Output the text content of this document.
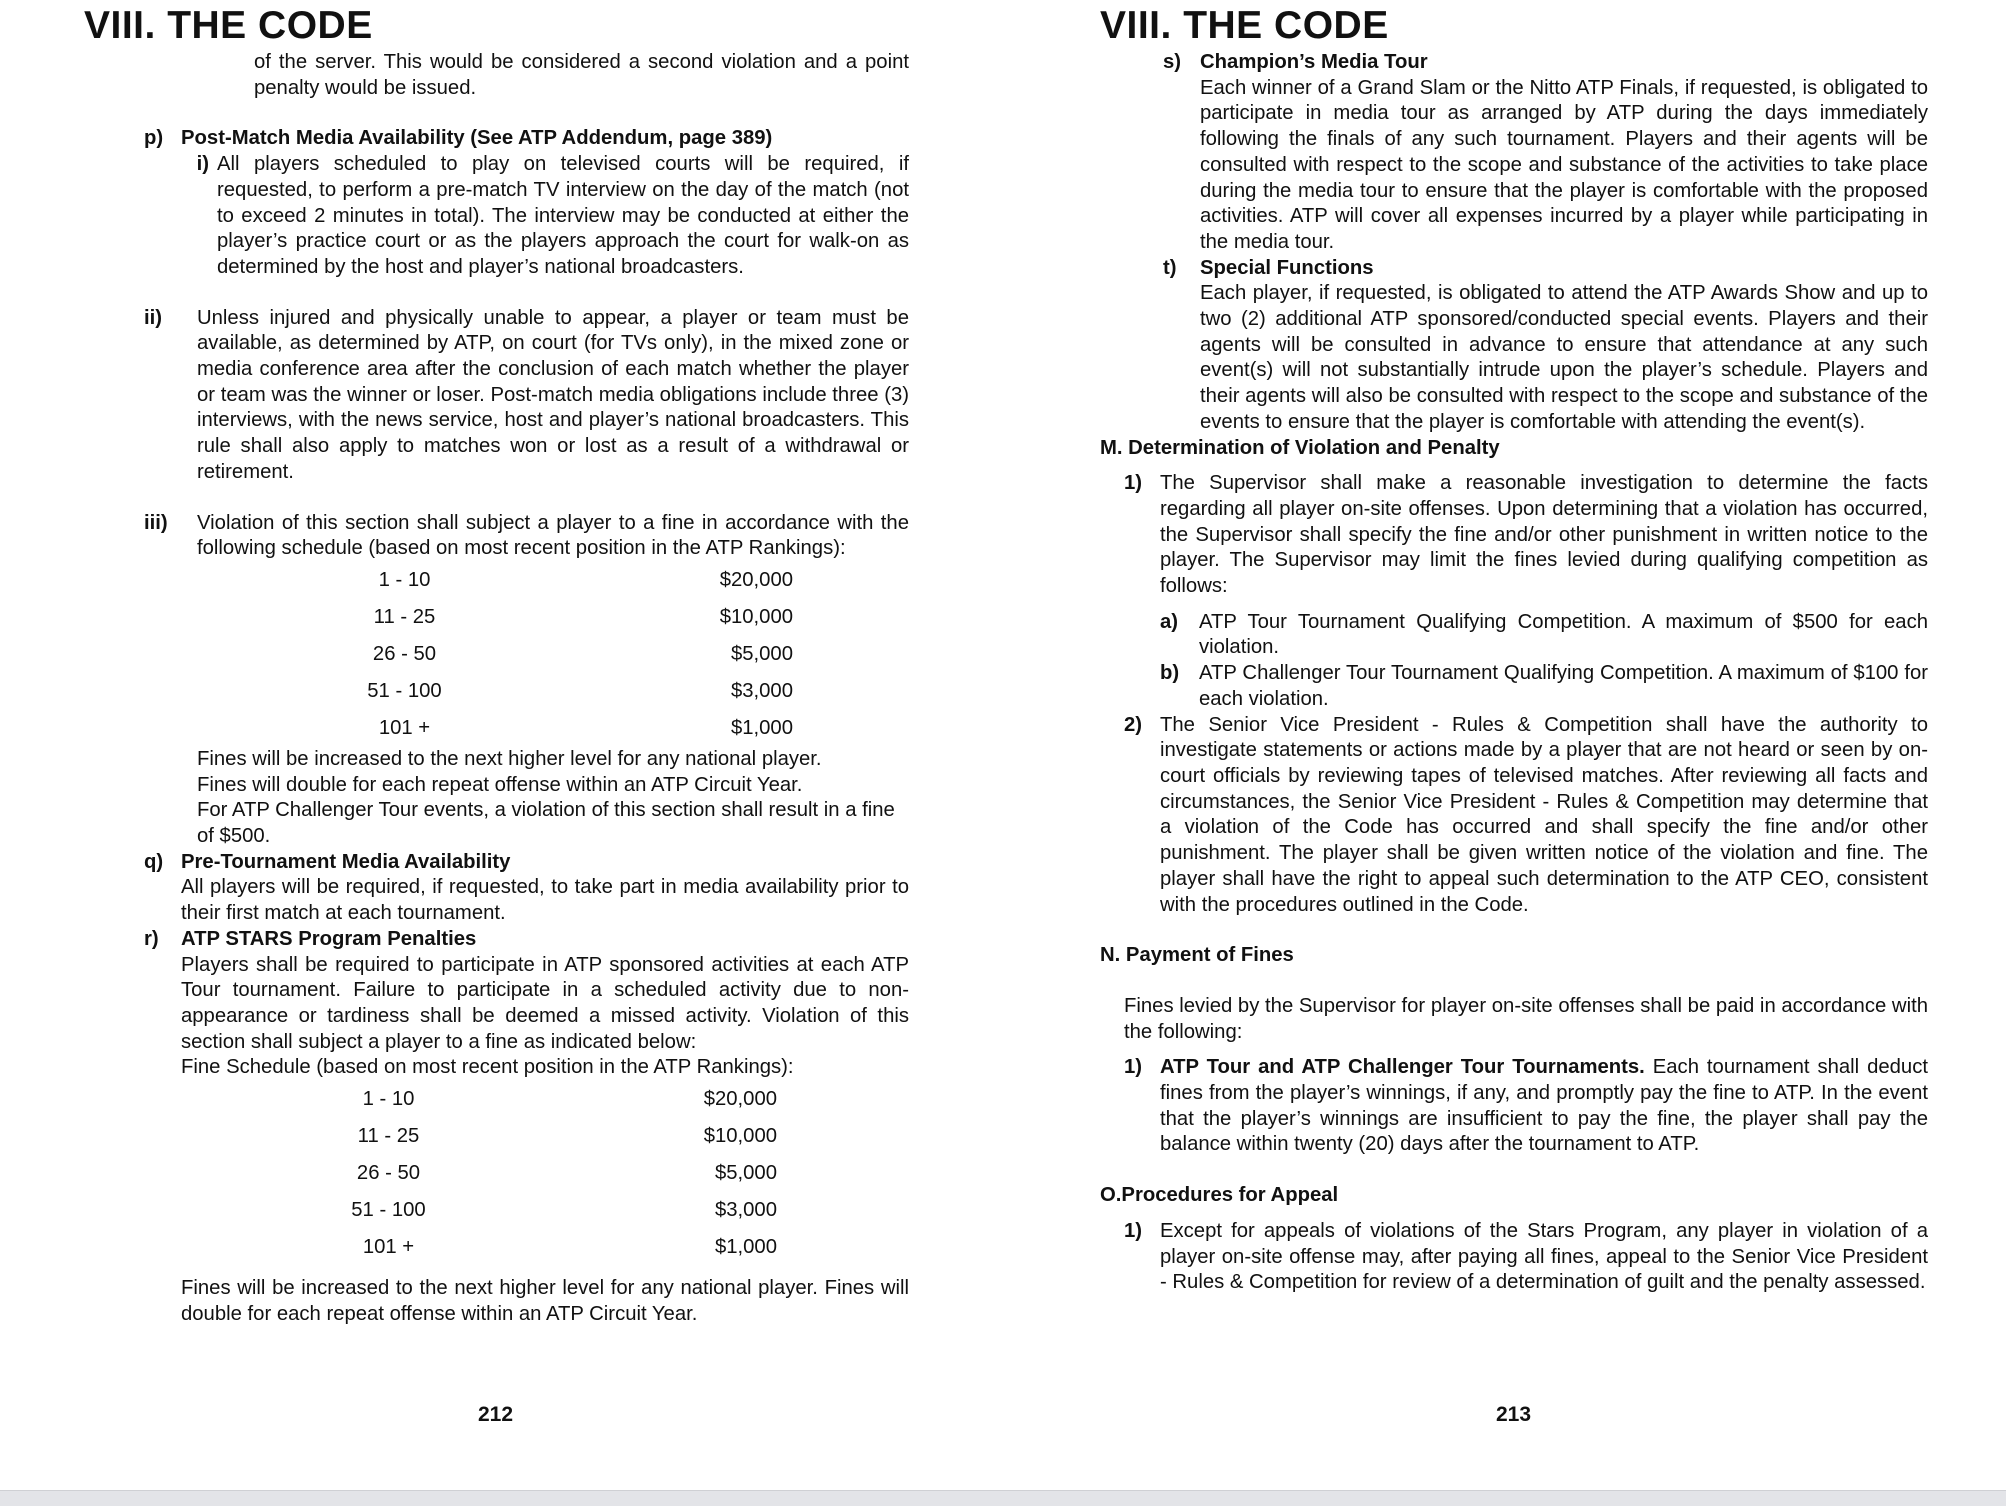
VIII. THE CODE

of the server. This would be considered a second violation and a point penalty would be issued.

p) Post-Match Media Availability (See ATP Addendum, page 389)

i) All players scheduled to play on televised courts will be required, if requested, to perform a pre-match TV interview on the day of the match (not to exceed 2 minutes in total). The interview may be conducted at either the player’s practice court or as the players approach the court for walk-on as determined by the host and player’s national broadcasters.

ii)	Unless injured and physically unable to appear, a player or team must be available, as determined by ATP, on court (for TVs only), in the mixed zone or media conference area after the conclusion of each match whether the player or team was the winner or loser. Post-match media obligations include three (3) interviews, with the news service, host and player’s national broadcasters. This rule shall also apply to matches won or lost as a result of a withdrawal or retirement.

iii)	Violation of this section shall subject a player to a fine in accordance with the following schedule (based on most recent position in the ATP Rankings):

1 - 10	$20,000
11 - 25	$10,000
26 - 50	$5,000
51 - 100	$3,000
101 +	$1,000

Fines will be increased to the next higher level for any national player.

Fines will double for each repeat offense within an ATP Circuit Year.

For ATP Challenger Tour events, a violation of this section shall result in a fine of $500.

q) Pre-Tournament Media Availability

All players will be required, if requested, to take part in media availability prior to their first match at each tournament.

r)	ATP STARS Program Penalties

Players shall be required to participate in ATP sponsored activities at each ATP Tour tournament. Failure to participate in a scheduled activity due to non-appearance or tardiness shall be deemed a missed activity. Violation of this section shall subject a player to a fine as indicated below:

Fine Schedule (based on most recent position in the ATP Rankings):

1 - 10	$20,000
11 - 25	$10,000
26 - 50	$5,000
51 - 100	$3,000
101 +	$1,000

Fines will be increased to the next higher level for any national player. Fines will double for each repeat offense within an ATP Circuit Year.

212
VIII. THE CODE
s) Champion’s Media Tour

Each winner of a Grand Slam or the Nitto ATP Finals, if requested, is obligated to participate in media tour as arranged by ATP during the days immediately following the finals of any such tournament. Players and their agents will be consulted with respect to the scope and substance of the activities to take place during the media tour to ensure that the player is comfortable with the proposed activities. ATP will cover all expenses incurred by a player while participating in the media tour.

t)	Special Functions

Each player, if requested, is obligated to attend the ATP Awards Show and up to two (2) additional ATP sponsored/conducted special events. Players and their agents will be consulted in advance to ensure that attendance at any such event(s) will not substantially intrude upon the player’s schedule. Players and their agents will also be consulted with respect to the scope and substance of the events to ensure that the player is comfortable with attending the event(s).

M. Determination of Violation and Penalty

1) The Supervisor shall make a reasonable investigation to determine the facts regarding all player on-site offenses. Upon determining that a violation has occurred, the Supervisor shall specify the fine and/or other punishment in written notice to the player. The Supervisor may limit the fines levied during qualifying competition as follows:

a)	ATP Tour Tournament Qualifying Competition. A maximum of $500 for each violation.

b) ATP Challenger Tour Tournament Qualifying Competition. A maximum of $100 for each violation.

2) The Senior Vice President - Rules & Competition shall have the authority to investigate statements or actions made by a player that are not heard or seen by on-court officials by reviewing tapes of televised matches. After reviewing all facts and circumstances, the Senior Vice President - Rules & Competition may determine that a violation of the Code has occurred and shall specify the fine and/or other punishment. The player shall be given written notice of the violation and fine. The player shall have the right to appeal such determination to the ATP CEO, consistent with the procedures outlined in the Code.

N. Payment of Fines

Fines levied by the Supervisor for player on-site offenses shall be paid in accordance with the following:

1) ATP Tour and ATP Challenger Tour Tournaments. Each tournament shall deduct fines from the player’s winnings, if any, and promptly pay the fine to ATP. In the event that the player’s winnings are insufficient to pay the fine, the player shall pay the balance within twenty (20) days after the tournament to ATP.

O.Procedures for Appeal

1) Except for appeals of violations of the Stars Program, any player in violation of a player on-site offense may, after paying all fines, appeal to the Senior Vice President - Rules & Competition for review of a determination of guilt and the penalty assessed.

213
